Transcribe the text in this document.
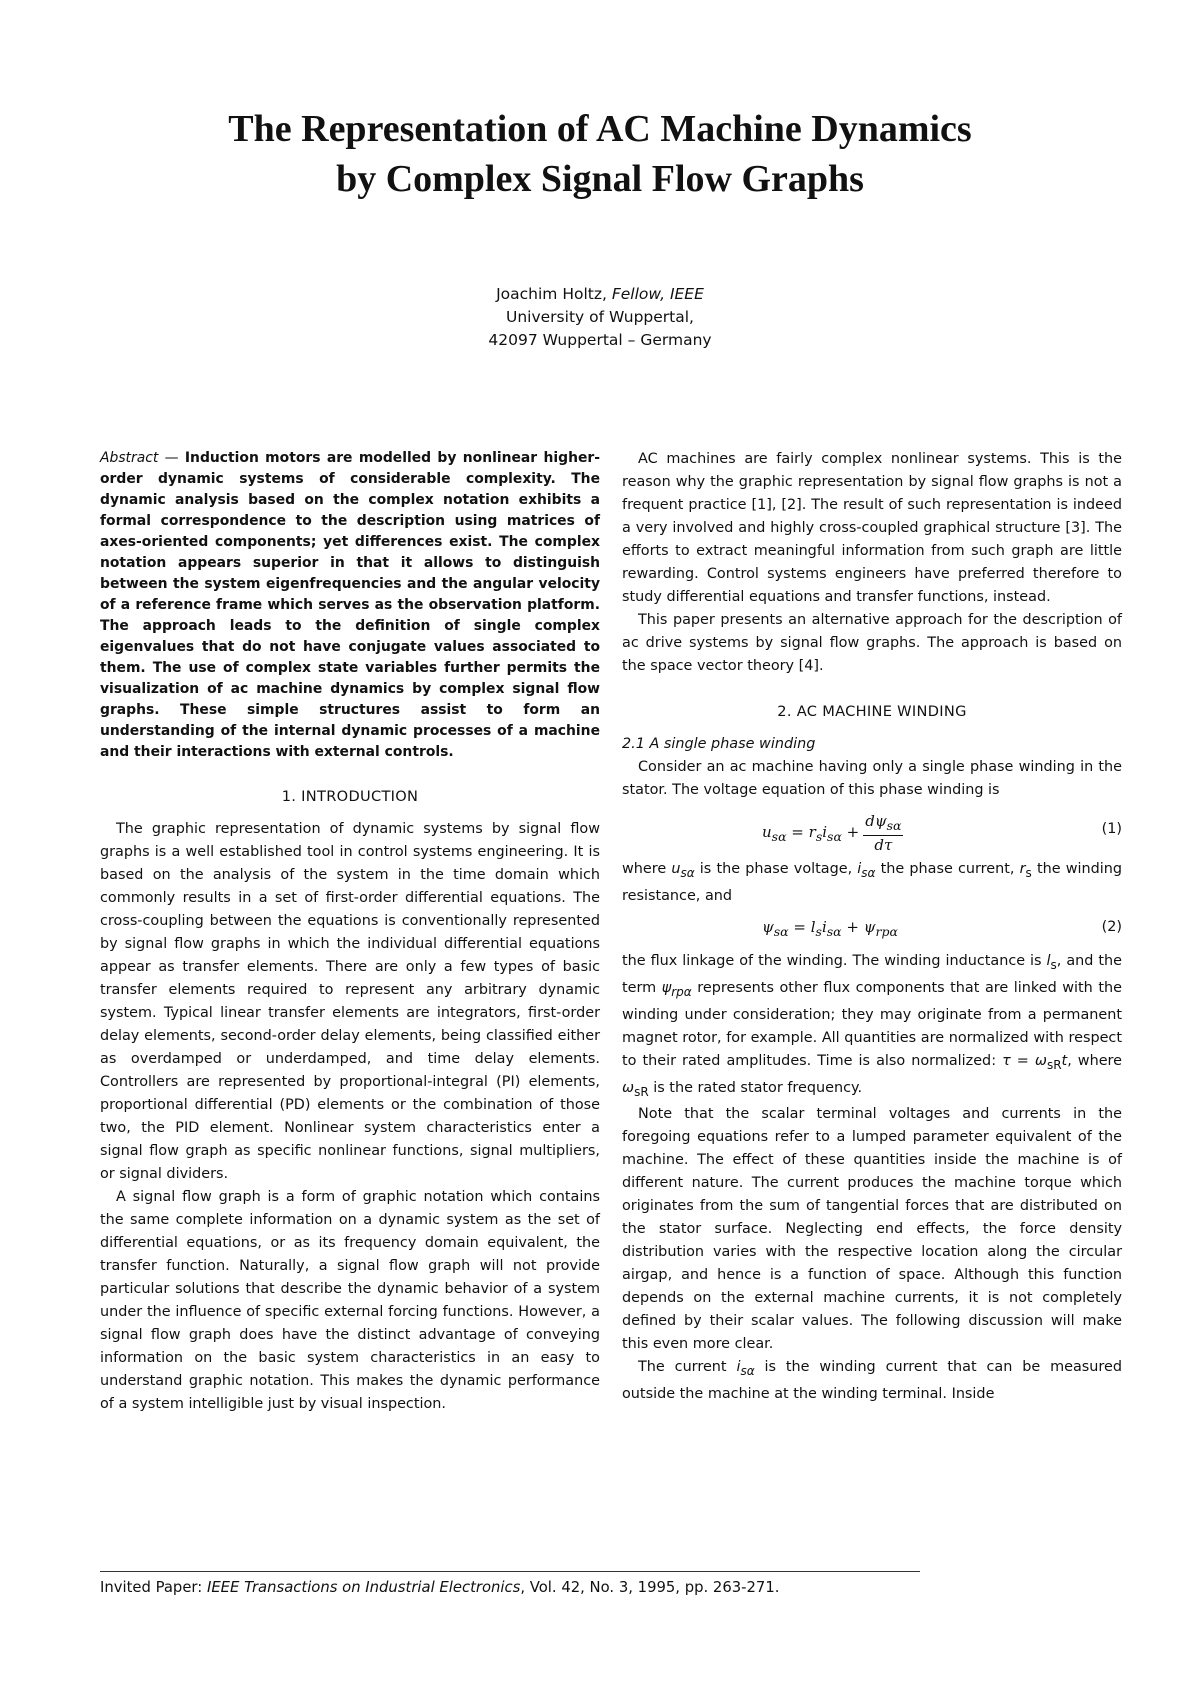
The Representation of AC Machine Dynamics
by Complex Signal Flow Graphs
Joachim Holtz, Fellow, IEEE
University of Wuppertal,
42097 Wuppertal – Germany

Abstract — Induction motors are modelled by nonlinear higher-order dynamic systems of considerable complexity. The dynamic analysis based on the complex notation exhibits a formal correspondence to the description using matrices of axes-oriented components; yet differences exist. The complex notation appears superior in that it allows to distinguish between the system eigenfrequencies and the angular velocity of a reference frame which serves as the observation platform. The approach leads to the definition of single complex eigenvalues that do not have conjugate values associated to them. The use of complex state variables further permits the visualization of ac machine dynamics by complex signal flow graphs. These simple structures assist to form an understanding of the internal dynamic processes of a machine and their interactions with external controls.

1. INTRODUCTION

The graphic representation of dynamic systems by signal flow graphs is a well established tool in control systems engineering. It is based on the analysis of the system in the time domain which commonly results in a set of first-order differential equations. The cross-coupling between the equations is conventionally represented by signal flow graphs in which the individual differential equations appear as transfer elements. There are only a few types of basic transfer elements required to represent any arbitrary dynamic system. Typical linear transfer elements are integrators, first-order delay elements, second-order delay elements, being classified either as overdamped or underdamped, and time delay elements. Controllers are represented by proportional-integral (PI) elements, proportional differential (PD) elements or the combination of those two, the PID element. Nonlinear system characteristics enter a signal flow graph as specific nonlinear functions, signal multipliers, or signal dividers.

A signal flow graph is a form of graphic notation which contains the same complete information on a dynamic system as the set of differential equations, or as its frequency domain equivalent, the transfer function. Naturally, a signal flow graph will not provide particular solutions that describe the dynamic behavior of a system under the influence of specific external forcing functions. However, a signal flow graph does have the distinct advantage of conveying information on the basic system characteristics in an easy to understand graphic notation. This makes the dynamic performance of a system intelligible just by visual inspection.

AC machines are fairly complex nonlinear systems. This is the reason why the graphic representation by signal flow graphs is not a frequent practice [1], [2]. The result of such representation is indeed a very involved and highly cross-coupled graphical structure [3]. The efforts to extract meaningful information from such graph are little rewarding. Control systems engineers have preferred therefore to study differential equations and transfer functions, instead.

This paper presents an alternative approach for the description of ac drive systems by signal flow graphs. The approach is based on the space vector theory [4].

2. AC MACHINE WINDING
2.1 A single phase winding

Consider an ac machine having only a single phase winding in the stator. The voltage equation of this phase winding is

$u_{s\alpha} = r_si_{s\alpha} + \frac{d\psi_{s\alpha}}{d\tau}$	(1)

where $u_{s\alpha}$ is the phase voltage, $i_{s\alpha}$ the phase current, $r_s$ the winding resistance, and

$\psi_{s\alpha} = l_si_{s\alpha} + \psi_{rp\alpha}$	(2)

the flux linkage of the winding. The winding inductance is $l_s$, and the term $\psi_{rp\alpha}$ represents other flux components that are linked with the winding under consideration; they may originate from a permanent magnet rotor, for example. All quantities are normalized with respect to their rated amplitudes. Time is also normalized: $\tau = \omega_{sR}t$, where $\omega_{sR}$ is the rated stator frequency.

Note that the scalar terminal voltages and currents in the foregoing equations refer to a lumped parameter equivalent of the machine. The effect of these quantities inside the machine is of different nature. The current produces the machine torque which originates from the sum of tangential forces that are distributed on the stator surface. Neglecting end effects, the force density distribution varies with the respective location along the circular airgap, and hence is a function of space. Although this function depends on the external machine currents, it is not completely defined by their scalar values. The following discussion will make this even more clear.

The current $i_{s\alpha}$ is the winding current that can be measured outside the machine at the winding terminal. Inside

Invited Paper: IEEE Transactions on Industrial Electronics, Vol. 42, No. 3, 1995, pp. 263-271.
